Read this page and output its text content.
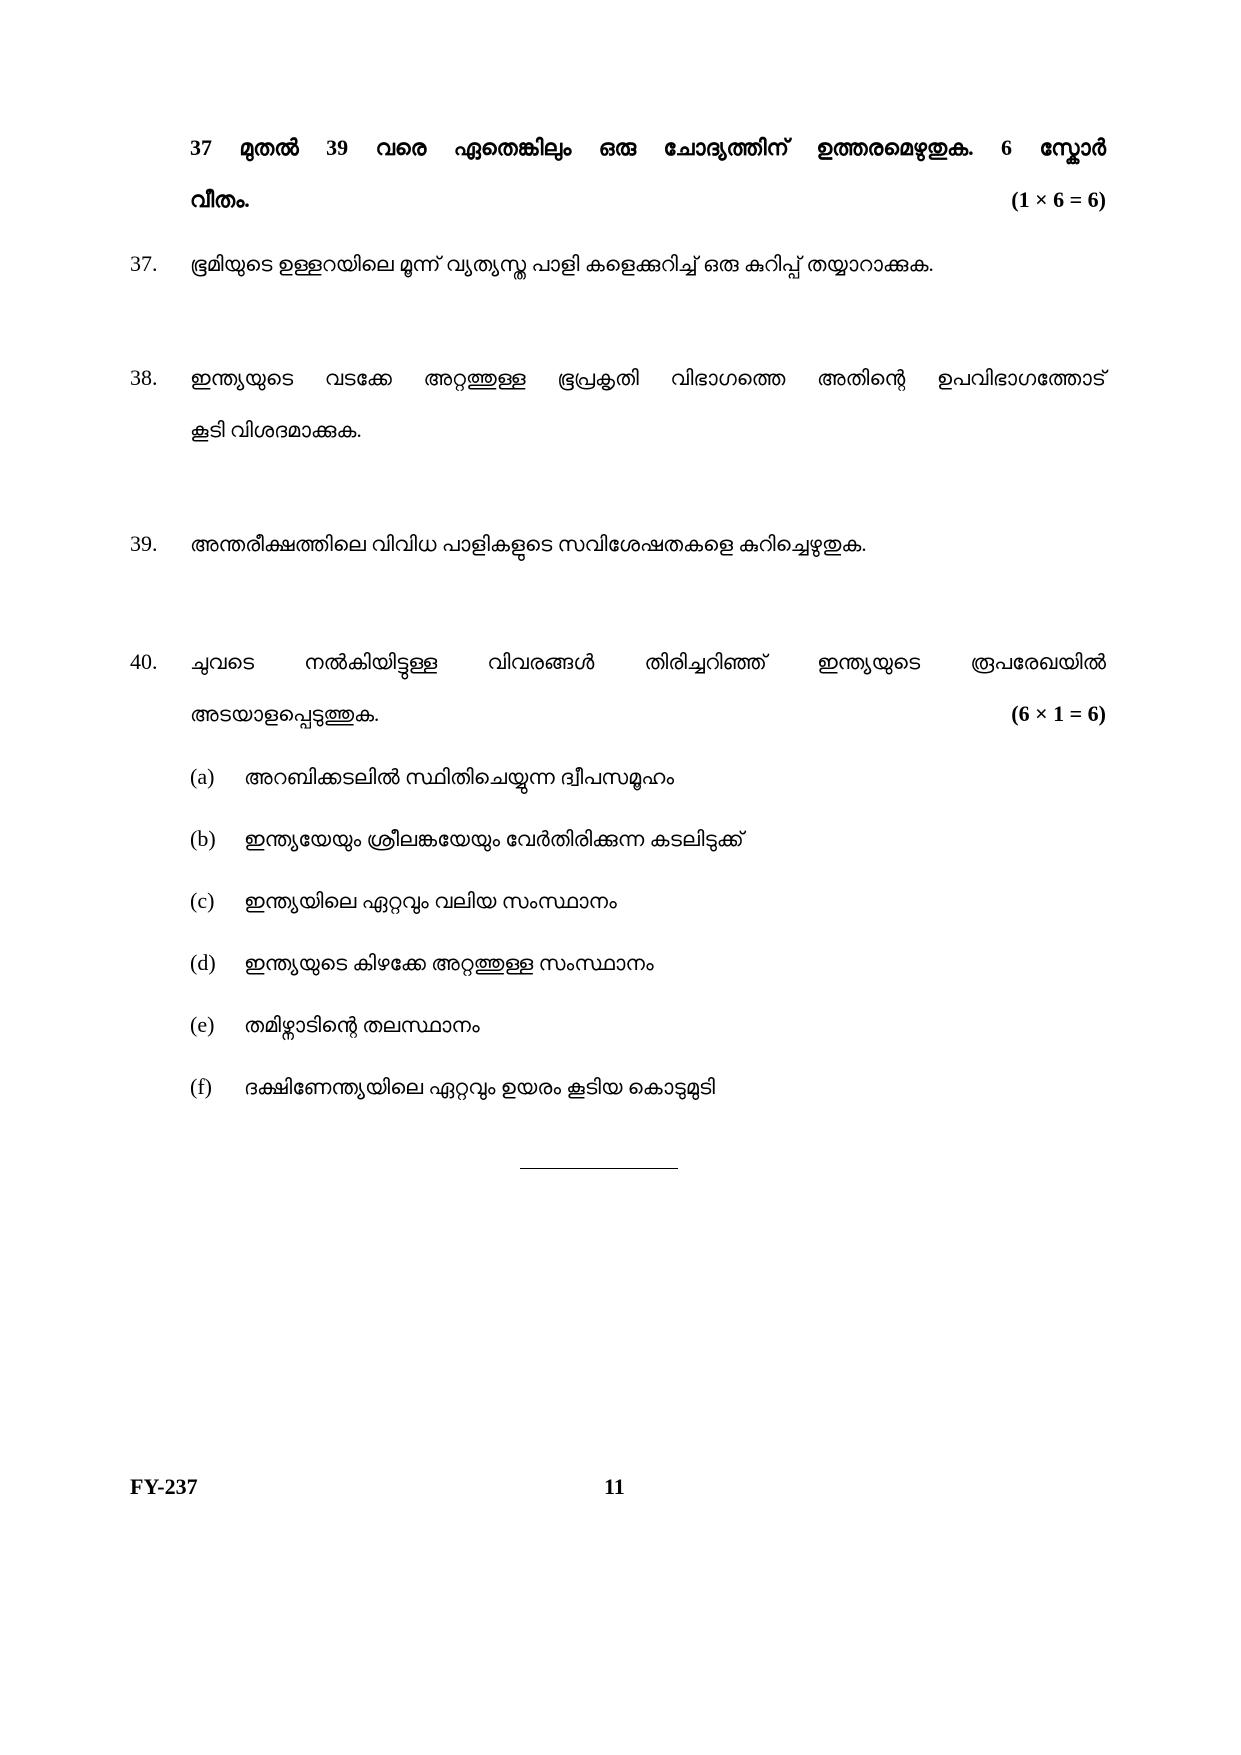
37 മുതൽ 39 വരെ ഏതെങ്കിലും ഒരു ചോദ്യത്തിന് ഉത്തരമെഴുതുക. 6 സ്കോർ
വീതം.	(1 × 6 = 6)
37. ഭൂമിയുടെ ഉള്ളറയിലെ മൂന്ന് വ്യത്യസ്ത പാളി കളെക്കുറിച്ച് ഒരു കുറിപ്പ് തയ്യാറാക്കുക.
38. ഇന്ത്യയുടെ വടക്കേ അറ്റത്തുള്ള ഭൂപ്രകൃതി വിഭാഗത്തെ അതിന്റെ ഉപവിഭാഗത്തോട്
കൂടി വിശദമാക്കുക.
39. അന്തരീക്ഷത്തിലെ വിവിധ പാളികളുടെ സവിശേഷതകളെ കുറിച്ചെഴുതുക.
40. ചുവടെ നൽകിയിട്ടുള്ള വിവരങ്ങൾ തിരിച്ചറിഞ്ഞ് ഇന്ത്യയുടെ രൂപരേഖയിൽ
അടയാളപ്പെടുത്തുക.	(6 × 1 = 6)
(a) അറബിക്കടലിൽ സ്ഥിതിചെയ്യുന്ന ദ്വീപസമൂഹം
(b) ഇന്ത്യയേയും ശ്രീലങ്കയേയും വേർതിരിക്കുന്ന കടലിടുക്ക്
(c) ഇന്ത്യയിലെ ഏറ്റവും വലിയ സംസ്ഥാനം
(d) ഇന്ത്യയുടെ കിഴക്കേ അറ്റത്തുള്ള സംസ്ഥാനം
(e) തമിഴ്നാടിന്റെ തലസ്ഥാനം
(f) ദക്ഷിണേന്ത്യയിലെ ഏറ്റവും ഉയരം കൂടിയ കൊടുമുടി
FY-237	11
